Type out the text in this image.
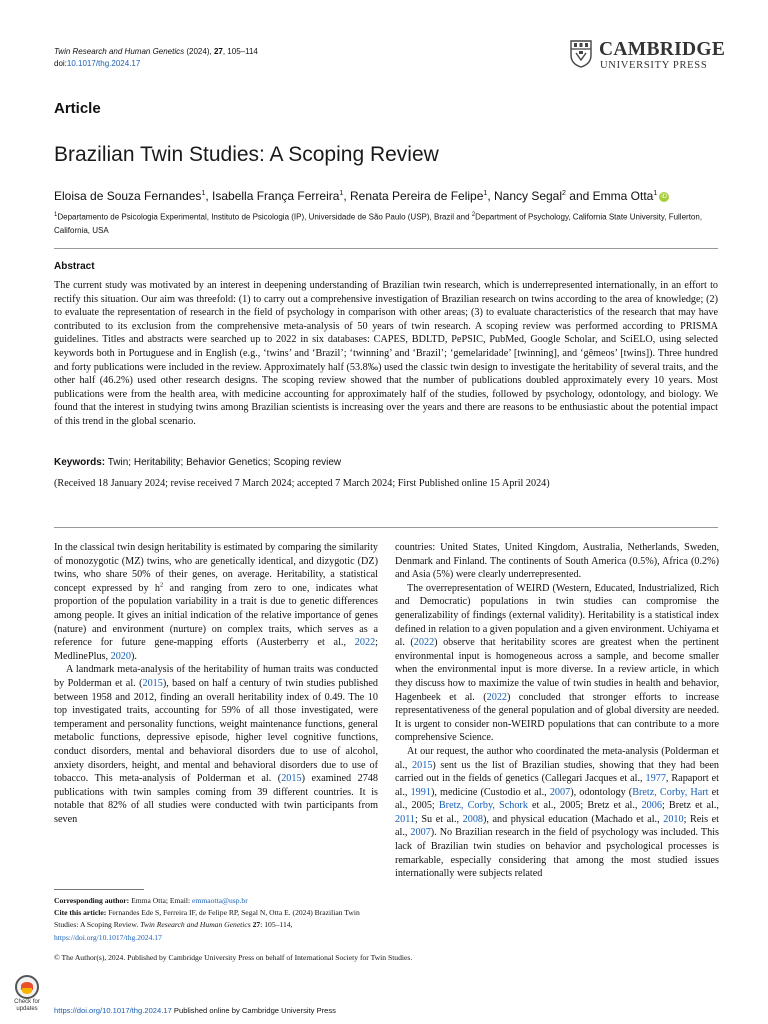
Twin Research and Human Genetics (2024), 27, 105–114
doi:10.1017/thg.2024.17
CAMBRIDGE
UNIVERSITY PRESS
Article
Brazilian Twin Studies: A Scoping Review
Eloisa de Souza Fernandes$^1$, Isabella França Ferreira$^1$, Renata Pereira de Felipe$^1$, Nancy Segal$^2$ and Emma Otta$^1$ iD
$^1$Departamento de Psicologia Experimental, Instituto de Psicologia (IP), Universidade de São Paulo (USP), Brazil and $^2$Department of Psychology, California State University, Fullerton, California, USA
Abstract
The current study was motivated by an interest in deepening understanding of Brazilian twin research, which is underrepresented internationally, in an effort to rectify this situation. Our aim was threefold: (1) to carry out a comprehensive investigation of Brazilian research on twins according to the area of knowledge; (2) to evaluate the representation of research in the field of psychology in comparison with other areas; (3) to evaluate characteristics of the research that may have contributed to its exclusion from the comprehensive meta-analysis of 50 years of twin research. A scoping review was performed according to PRISMA guidelines. Titles and abstracts were searched up to 2022 in six databases: CAPES, BDLTD, PePSIC, PubMed, Google Scholar, and SciELO, using selected keywords both in Portuguese and in English (e.g., ‘twins’ and ‘Brazil’; ‘twinning’ and ‘Brazil’; ‘gemelaridade’ [twinning], and ‘gêmeos’ [twins]). Three hundred and forty publications were included in the review. Approximately half (53.8‰) used the classic twin design to investigate the heritability of several traits, and the other half (46.2%) used other research designs. The scoping review showed that the number of publications doubled approximately every 10 years. Most publications were from the health area, with medicine accounting for approximately half of the studies, followed by psychology, odontology, and biology. We found that the interest in studying twins among Brazilian scientists is increasing over the years and there are reasons to be enthusiastic about the potential impact of this trend in the global scenario.
Keywords: Twin; Heritability; Behavior Genetics; Scoping review
(Received 18 January 2024; revise received 7 March 2024; accepted 7 March 2024; First Published online 15 April 2024)

In the classical twin design heritability is estimated by comparing the similarity of monozygotic (MZ) twins, who are genetically identical, and dizygotic (DZ) twins, who share 50% of their genes, on average. Heritability, a statistical concept expressed by $h^2$ and ranging from zero to one, indicates what proportion of the population variability in a trait is due to genetic differences among people. It gives an initial indication of the relative importance of genes (nature) and environment (nurture) on complex traits, which serves as a reference for future gene-mapping efforts (Austerberry et al., 2022; MedlinePlus, 2020).

A landmark meta-analysis of the heritability of human traits was conducted by Polderman et al. (2015), based on half a century of twin studies published between 1958 and 2012, finding an overall heritability index of 0.49. The 10 top investigated traits, accounting for 59% of all those investigated, were temperament and personality functions, weight maintenance functions, general metabolic functions, depressive episode, higher level cognitive functions, conduct disorders, mental and behavioral disorders due to use of alcohol, anxiety disorders, height, and mental and behavioral disorders due to use of tobacco. This meta-analysis of Polderman et al. (2015) examined 2748 publications with twin samples coming from 39 different countries. It is notable that 82% of all studies were conducted with twin participants from seven

countries: United States, United Kingdom, Australia, Netherlands, Sweden, Denmark and Finland. The continents of South America (0.5%), Africa (0.2%) and Asia (5%) were clearly underrepresented.

The overrepresentation of WEIRD (Western, Educated, Industrialized, Rich and Democratic) populations in twin studies can compromise the generalizability of findings (external validity). Heritability is a statistical index defined in relation to a given population and a given environment. Uchiyama et al. (2022) observe that heritability scores are greatest when the pertinent environmental input is homogeneous across a sample, and become smaller when the environmental input is more diverse. In a review article, in which they discuss how to maximize the value of twin studies in health and behavior, Hagenbeek et al. (2022) concluded that stronger efforts to increase representativeness of the general population and of global diversity are needed. It is urgent to consider non-WEIRD populations that can contribute to a more comprehensive Science.

At our request, the author who coordinated the meta-analysis (Polderman et al., 2015) sent us the list of Brazilian studies, showing that they had been carried out in the fields of genetics (Callegari Jacques et al., 1977, Rapaport et al., 1991), medicine (Custodio et al., 2007), odontology (Bretz, Corby, Hart et al., 2005; Bretz, Corby, Schork et al., 2005; Bretz et al., 2006; Bretz et al., 2011; Su et al., 2008), and physical education (Machado et al., 2010; Reis et al., 2007). No Brazilian research in the field of psychology was included. This lack of Brazilian twin studies on behavior and psychological processes is remarkable, especially considering that among the most studied issues internationally were subjects related

Corresponding author: Emma Otta; Email: emmaotta@usp.br
Cite this article: Fernandes Ede S, Ferreira IF, de Felipe RP, Segal N, Otta E. (2024) Brazilian Twin Studies: A Scoping Review. Twin Research and Human Genetics 27: 105–114, https://doi.org/10.1017/thg.2024.17
© The Author(s), 2024. Published by Cambridge University Press on behalf of International Society for Twin Studies.
Check for
updates	https://doi.org/10.1017/thg.2024.17 Published online by Cambridge University Press
